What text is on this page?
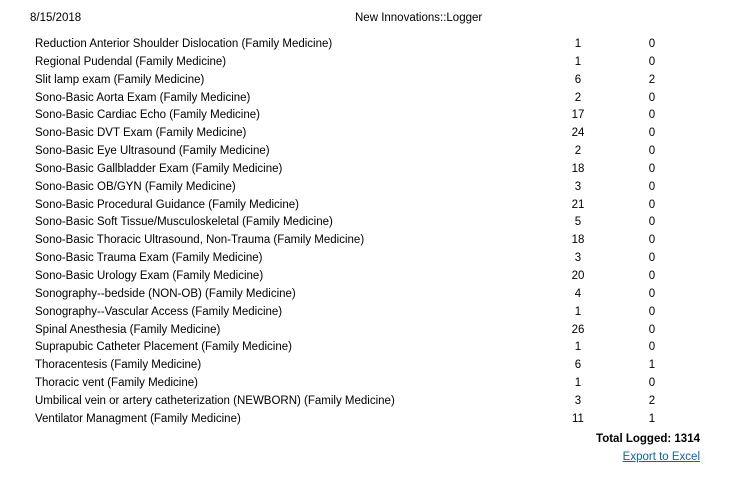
8/15/2018	New Innovations::Logger
Reduction Anterior Shoulder Dislocation (Family Medicine)	1	0
Regional Pudendal (Family Medicine)	1	0
Slit lamp exam (Family Medicine)	6	2
Sono-Basic Aorta Exam (Family Medicine)	2	0
Sono-Basic Cardiac Echo (Family Medicine)	17	0
Sono-Basic DVT Exam (Family Medicine)	24	0
Sono-Basic Eye Ultrasound (Family Medicine)	2	0
Sono-Basic Gallbladder Exam (Family Medicine)	18	0
Sono-Basic OB/GYN (Family Medicine)	3	0
Sono-Basic Procedural Guidance (Family Medicine)	21	0
Sono-Basic Soft Tissue/Musculoskeletal (Family Medicine)	5	0
Sono-Basic Thoracic Ultrasound, Non-Trauma (Family Medicine)	18	0
Sono-Basic Trauma Exam (Family Medicine)	3	0
Sono-Basic Urology Exam (Family Medicine)	20	0
Sonography--bedside (NON-OB) (Family Medicine)	4	0
Sonography--Vascular Access (Family Medicine)	1	0
Spinal Anesthesia (Family Medicine)	26	0
Suprapubic Catheter Placement (Family Medicine)	1	0
Thoracentesis (Family Medicine)	6	1
Thoracic vent (Family Medicine)	1	0
Umbilical vein or artery catheterization (NEWBORN) (Family Medicine)	3	2
Ventilator Managment (Family Medicine)	11	1
Total Logged: 1314
Export to Excel
